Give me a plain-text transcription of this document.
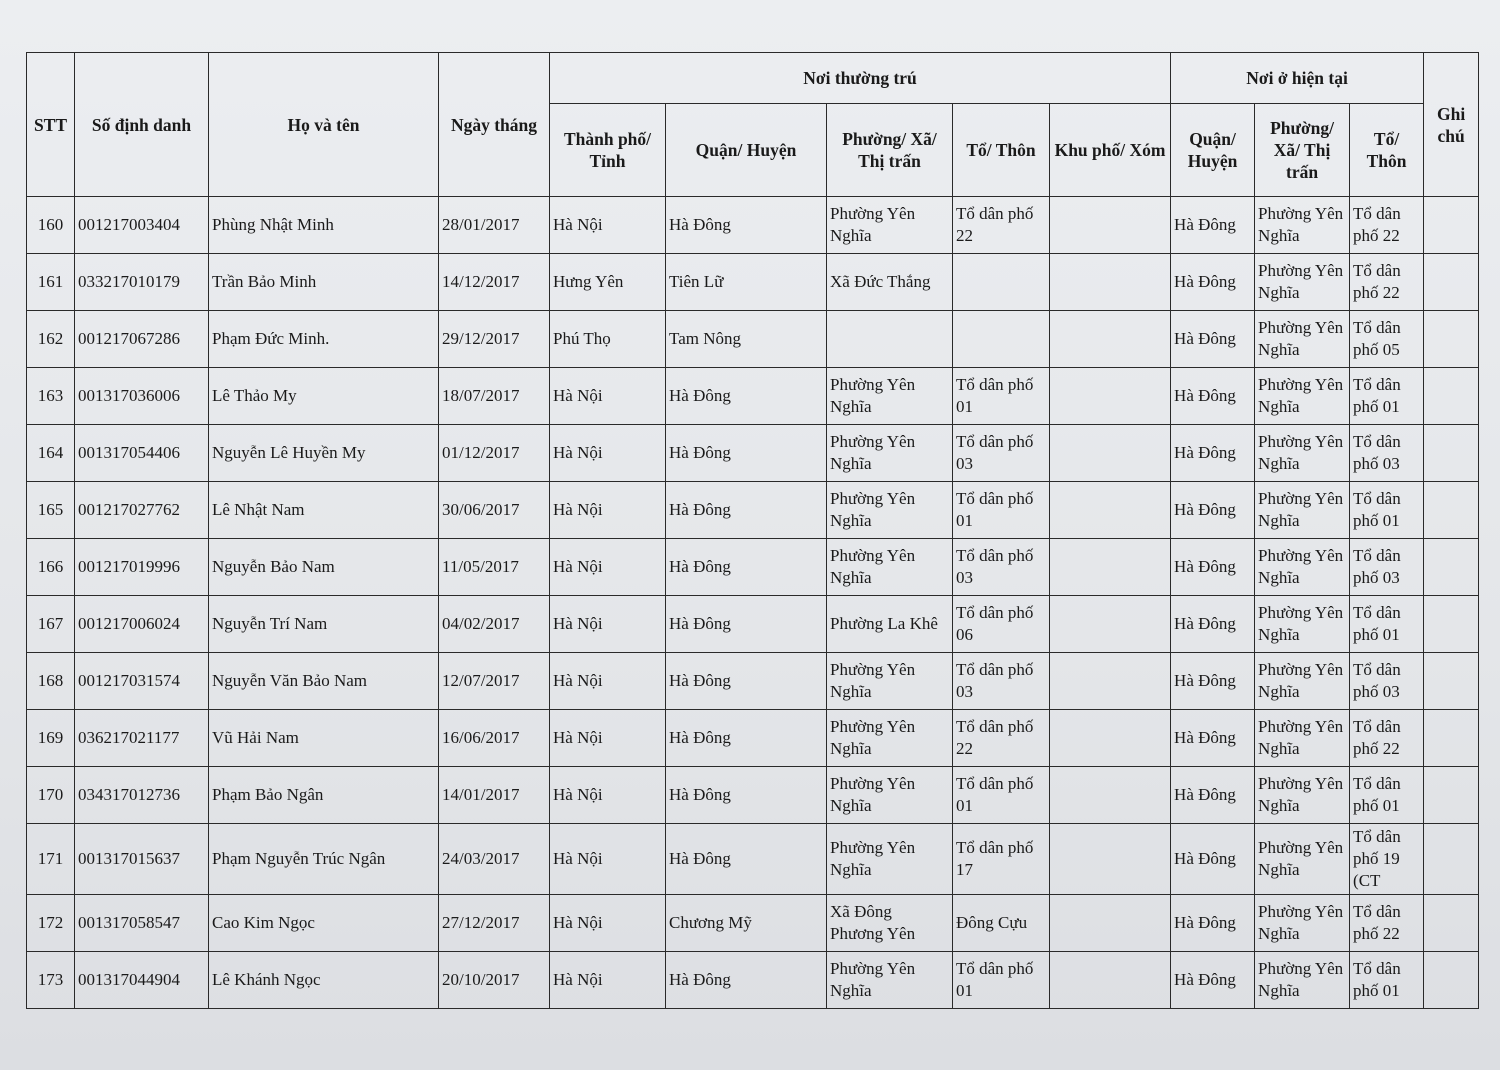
STT	Số định danh	Họ và tên	Ngày tháng	Nơi thường trú					Nơi ở hiện tại			Ghi chú
				Thành phố/ Tỉnh	Quận/ Huyện	Phường/ Xã/ Thị trấn	Tổ/ Thôn	Khu phố/ Xóm	Quận/ Huyện	Phường/ Xã/ Thị trấn	Tổ/ Thôn	
160	001217003404	Phùng Nhật Minh	28/01/2017	Hà Nội	Hà Đông	Phường Yên Nghĩa	Tổ dân phố 22		Hà Đông	Phường Yên Nghĩa	Tổ dân phố 22	
161	033217010179	Trần Bảo Minh	14/12/2017	Hưng Yên	Tiên Lữ	Xã Đức Thắng			Hà Đông	Phường Yên Nghĩa	Tổ dân phố 22	
162	001217067286	Phạm Đức Minh.	29/12/2017	Phú Thọ	Tam Nông				Hà Đông	Phường Yên Nghĩa	Tổ dân phố 05	
163	001317036006	Lê Thảo My	18/07/2017	Hà Nội	Hà Đông	Phường Yên Nghĩa	Tổ dân phố 01		Hà Đông	Phường Yên Nghĩa	Tổ dân phố 01	
164	001317054406	Nguyễn Lê Huyền My	01/12/2017	Hà Nội	Hà Đông	Phường Yên Nghĩa	Tổ dân phố 03		Hà Đông	Phường Yên Nghĩa	Tổ dân phố 03	
165	001217027762	Lê Nhật Nam	30/06/2017	Hà Nội	Hà Đông	Phường Yên Nghĩa	Tổ dân phố 01		Hà Đông	Phường Yên Nghĩa	Tổ dân phố 01	
166	001217019996	Nguyễn Bảo Nam	11/05/2017	Hà Nội	Hà Đông	Phường Yên Nghĩa	Tổ dân phố 03		Hà Đông	Phường Yên Nghĩa	Tổ dân phố 03	
167	001217006024	Nguyễn Trí Nam	04/02/2017	Hà Nội	Hà Đông	Phường La Khê	Tổ dân phố 06		Hà Đông	Phường Yên Nghĩa	Tổ dân phố 01	
168	001217031574	Nguyễn Văn Bảo Nam	12/07/2017	Hà Nội	Hà Đông	Phường Yên Nghĩa	Tổ dân phố 03		Hà Đông	Phường Yên Nghĩa	Tổ dân phố 03	
169	036217021177	Vũ Hải Nam	16/06/2017	Hà Nội	Hà Đông	Phường Yên Nghĩa	Tổ dân phố 22		Hà Đông	Phường Yên Nghĩa	Tổ dân phố 22	
170	034317012736	Phạm Bảo Ngân	14/01/2017	Hà Nội	Hà Đông	Phường Yên Nghĩa	Tổ dân phố 01		Hà Đông	Phường Yên Nghĩa	Tổ dân phố 01	
171	001317015637	Phạm Nguyễn Trúc Ngân	24/03/2017	Hà Nội	Hà Đông	Phường Yên Nghĩa	Tổ dân phố 17		Hà Đông	Phường Yên Nghĩa	Tổ dân phố 19 (CT	
172	001317058547	Cao Kim Ngọc	27/12/2017	Hà Nội	Chương Mỹ	Xã Đông Phương Yên	Đông Cựu		Hà Đông	Phường Yên Nghĩa	Tổ dân phố 22	
173	001317044904	Lê Khánh Ngọc	20/10/2017	Hà Nội	Hà Đông	Phường Yên Nghĩa	Tổ dân phố 01		Hà Đông	Phường Yên Nghĩa	Tổ dân phố 01	
